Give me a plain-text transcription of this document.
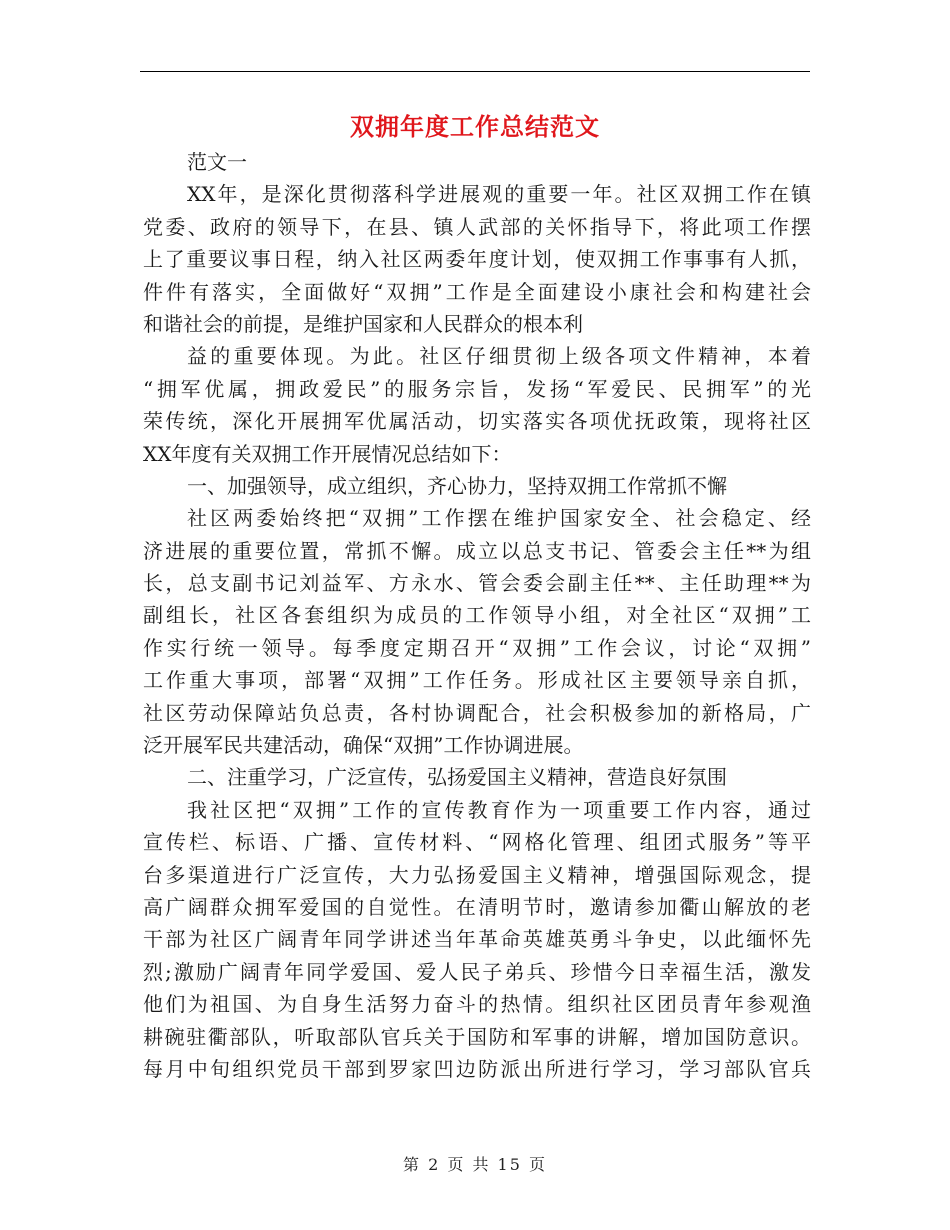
双拥年度工作总结范文
范文一
XX年，是深化贯彻落科学进展观的重要一年。社区双拥工作在镇
党委、政府的领导下，在县、镇人武部的关怀指导下，将此项工作摆
上了重要议事日程，纳入社区两委年度计划，使双拥工作事事有人抓，
件件有落实，全面做好“双拥”工作是全面建设小康社会和构建社会
和谐社会的前提，是维护国家和人民群众的根本利
益的重要体现。为此。社区仔细贯彻上级各项文件精神，本着
“拥军优属，拥政爱民”的服务宗旨，发扬“军爱民、民拥军”的光
荣传统，深化开展拥军优属活动，切实落实各项优抚政策，现将社区
XX年度有关双拥工作开展情况总结如下：
一、加强领导，成立组织，齐心协力，坚持双拥工作常抓不懈
社区两委始终把“双拥”工作摆在维护国家安全、社会稳定、经
济进展的重要位置，常抓不懈。成立以总支书记、管委会主任**为组
长，总支副书记刘益军、方永水、管会委会副主任**、主任助理**为
副组长，社区各套组织为成员的工作领导小组，对全社区“双拥”工
作实行统一领导。每季度定期召开“双拥”工作会议，讨论“双拥”
工作重大事项，部署“双拥”工作任务。形成社区主要领导亲自抓，
社区劳动保障站负总责，各村协调配合，社会积极参加的新格局，广
泛开展军民共建活动，确保“双拥”工作协调进展。
二、注重学习，广泛宣传，弘扬爱国主义精神，营造良好氛围
我社区把“双拥”工作的宣传教育作为一项重要工作内容，通过
宣传栏、标语、广播、宣传材料、“网格化管理、组团式服务”等平
台多渠道进行广泛宣传，大力弘扬爱国主义精神，增强国际观念，提
高广阔群众拥军爱国的自觉性。在清明节时，邀请参加衢山解放的老
干部为社区广阔青年同学讲述当年革命英雄英勇斗争史，以此缅怀先
烈;激励广阔青年同学爱国、爱人民子弟兵、珍惜今日幸福生活，激发
他们为祖国、为自身生活努力奋斗的热情。组织社区团员青年参观渔
耕碗驻衢部队，听取部队官兵关于国防和军事的讲解，增加国防意识。
每月中旬组织党员干部到罗家凹边防派出所进行学习，学习部队官兵
第 2 页 共 15 页
